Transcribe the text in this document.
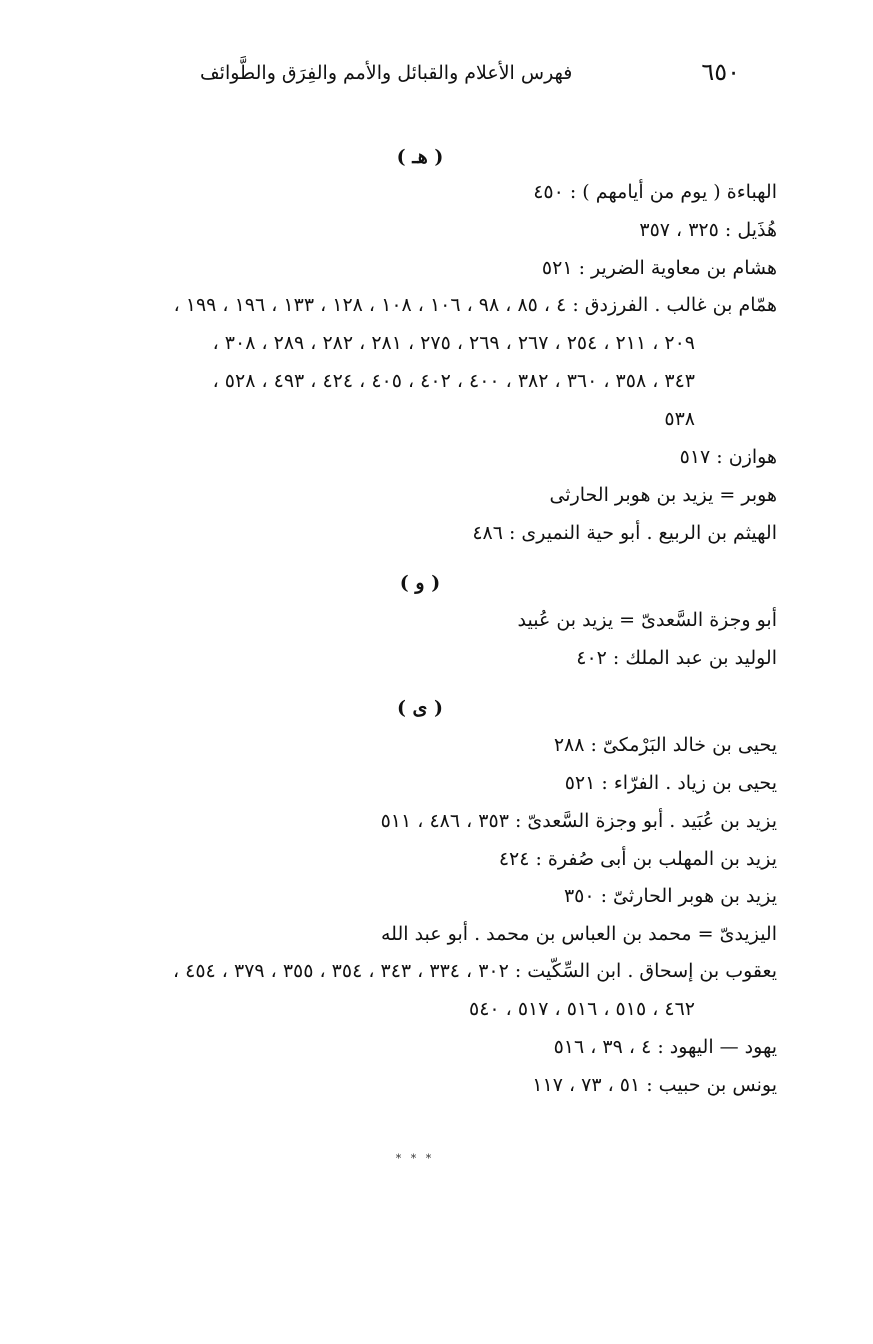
٦٥٠
فهرس الأعلام والقبائل والأمم والفِرَق والطَّوائف
( هـ )
الهباءة ( يوم من أيامهم ) : ٤٥٠
هُذَيل : ٣٢٥ ، ٣٥٧
هشام بن معاوية الضرير : ٥٢١
همّام بن غالب . الفرزدق : ٤ ، ٨٥ ، ٩٨ ، ١٠٦ ، ١٠٨ ، ١٢٨ ، ١٣٣ ، ١٩٦ ، ١٩٩ ،
٢٠٩ ، ٢١١ ، ٢٥٤ ، ٢٦٧ ، ٢٦٩ ، ٢٧٥ ، ٢٨١ ، ٢٨٢ ، ٢٨٩ ، ٣٠٨ ،
٣٤٣ ، ٣٥٨ ، ٣٦٠ ، ٣٨٢ ، ٤٠٠ ، ٤٠٢ ، ٤٠٥ ، ٤٢٤ ، ٤٩٣ ، ٥٢٨ ،
٥٣٨
هوازن : ٥١٧
هوبر = يزيد بن هوبر الحارثى
الهيثم بن الربيع . أبو حية النميرى : ٤٨٦
( و )
أبو وجزة السَّعدىّ = يزيد بن عُبيد
الوليد بن عبد الملك : ٤٠٢
( ى )
يحيى بن خالد البَرْمكىّ : ٢٨٨
يحيى بن زياد . الفرّاء : ٥٢١
يزيد بن عُبَيد . أبو وجزة السَّعدىّ : ٣٥٣ ، ٤٨٦ ، ٥١١
يزيد بن المهلب بن أبى صُفرة : ٤٢٤
يزيد بن هوبر الحارثىّ : ٣٥٠
اليزيدىّ = محمد بن العباس بن محمد . أبو عبد الله
يعقوب بن إسحاق . ابن السِّكّيت : ٣٠٢ ، ٣٣٤ ، ٣٤٣ ، ٣٥٤ ، ٣٥٥ ، ٣٧٩ ، ٤٥٤ ،
٤٦٢ ، ٥١٥ ، ٥١٦ ، ٥١٧ ، ٥٤٠
يهود — اليهود : ٤ ، ٣٩ ، ٥١٦
يونس بن حبيب : ٥١ ، ٧٣ ، ١١٧
* * *
